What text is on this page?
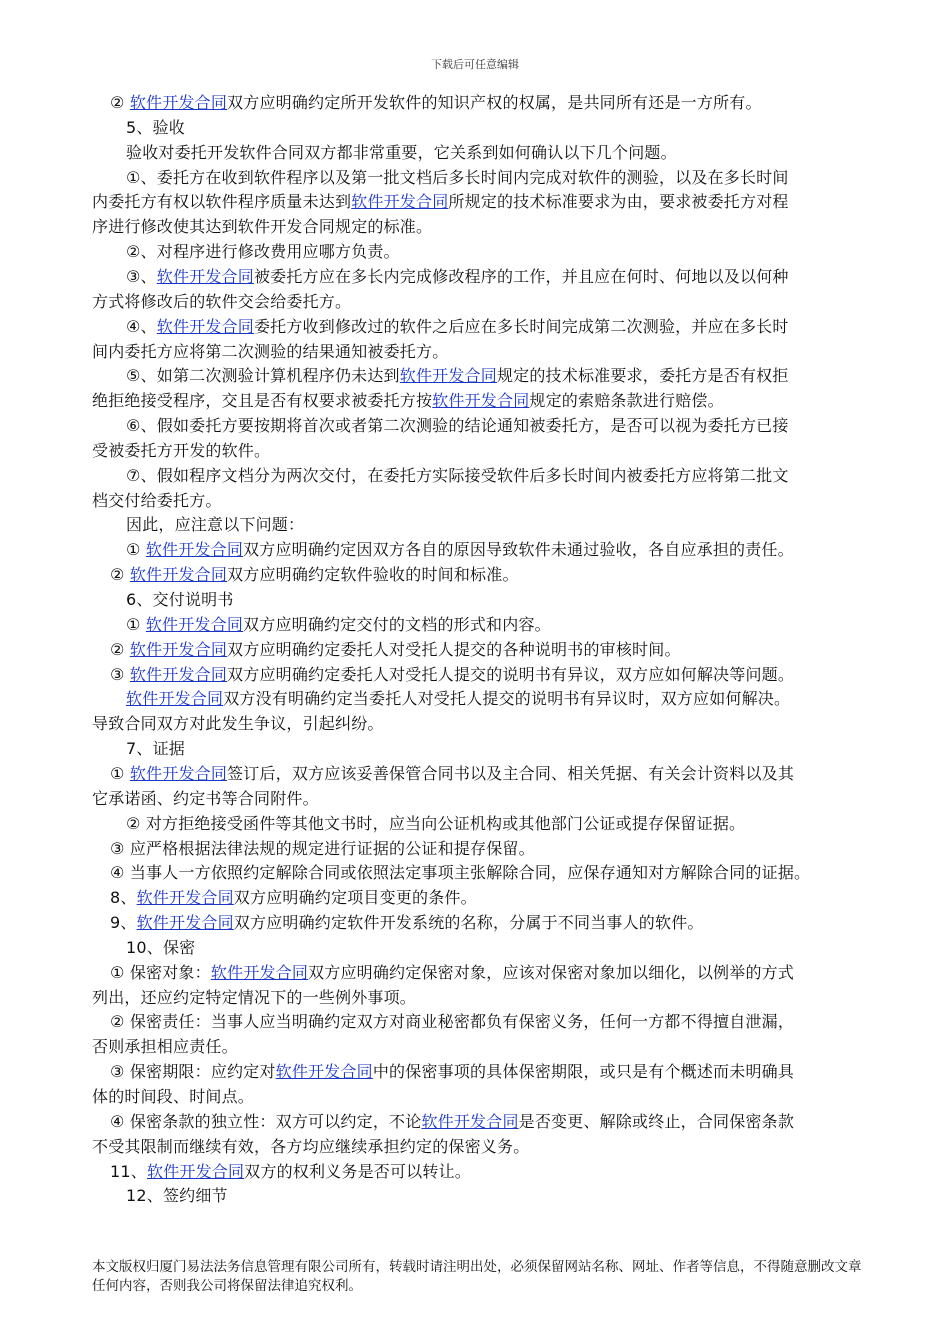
下载后可任意编辑
② 软件开发合同双方应明确约定所开发软件的知识产权的权属，是共同所有还是一方所有。
5、验收
验收对委托开发软件合同双方都非常重要，它关系到如何确认以下几个问题。
①、委托方在收到软件程序以及第一批文档后多长时间内完成对软件的测验，以及在多长时间
内委托方有权以软件程序质量未达到软件开发合同所规定的技术标准要求为由，要求被委托方对程
序进行修改使其达到软件开发合同规定的标准。
②、对程序进行修改费用应哪方负责。
③、软件开发合同被委托方应在多长内完成修改程序的工作，并且应在何时、何地以及以何种
方式将修改后的软件交会给委托方。
④、软件开发合同委托方收到修改过的软件之后应在多长时间完成第二次测验，并应在多长时
间内委托方应将第二次测验的结果通知被委托方。
⑤、如第二次测验计算机程序仍未达到软件开发合同规定的技术标准要求，委托方是否有权拒
绝拒绝接受程序，交且是否有权要求被委托方按软件开发合同规定的索赔条款进行赔偿。
⑥、假如委托方要按期将首次或者第二次测验的结论通知被委托方，是否可以视为委托方已接
受被委托方开发的软件。
⑦、假如程序文档分为两次交付，在委托方实际接受软件后多长时间内被委托方应将第二批文
档交付给委托方。
因此，应注意以下问题：
① 软件开发合同双方应明确约定因双方各自的原因导致软件未通过验收，各自应承担的责任。
② 软件开发合同双方应明确约定软件验收的时间和标准。
6、交付说明书
① 软件开发合同双方应明确约定交付的文档的形式和内容。
② 软件开发合同双方应明确约定委托人对受托人提交的各种说明书的审核时间。
③ 软件开发合同双方应明确约定委托人对受托人提交的说明书有异议，双方应如何解决等问题。
软件开发合同双方没有明确约定当委托人对受托人提交的说明书有异议时，双方应如何解决。
导致合同双方对此发生争议，引起纠纷。
7、证据
① 软件开发合同签订后，双方应该妥善保管合同书以及主合同、相关凭据、有关会计资料以及其
它承诺函、约定书等合同附件。
② 对方拒绝接受函件等其他文书时，应当向公证机构或其他部门公证或提存保留证据。
③ 应严格根据法律法规的规定进行证据的公证和提存保留。
④ 当事人一方依照约定解除合同或依照法定事项主张解除合同，应保存通知对方解除合同的证据。
8、软件开发合同双方应明确约定项目变更的条件。
9、软件开发合同双方应明确约定软件开发系统的名称，分属于不同当事人的软件。
10、保密
① 保密对象：软件开发合同双方应明确约定保密对象，应该对保密对象加以细化，以例举的方式
列出，还应约定特定情况下的一些例外事项。
② 保密责任：当事人应当明确约定双方对商业秘密都负有保密义务，任何一方都不得擅自泄漏，
否则承担相应责任。
③ 保密期限：应约定对软件开发合同中的保密事项的具体保密期限，或只是有个概述而未明确具
体的时间段、时间点。
④ 保密条款的独立性：双方可以约定，不论软件开发合同是否变更、解除或终止，合同保密条款
不受其限制而继续有效，各方均应继续承担约定的保密义务。
11、软件开发合同双方的权利义务是否可以转让。
12、签约细节
本文版权归厦门易法法务信息管理有限公司所有，转载时请注明出处，必须保留网站名称、网址、作者等信息，不得随意删改文章任何内容，否则我公司将保留法律追究权利。
